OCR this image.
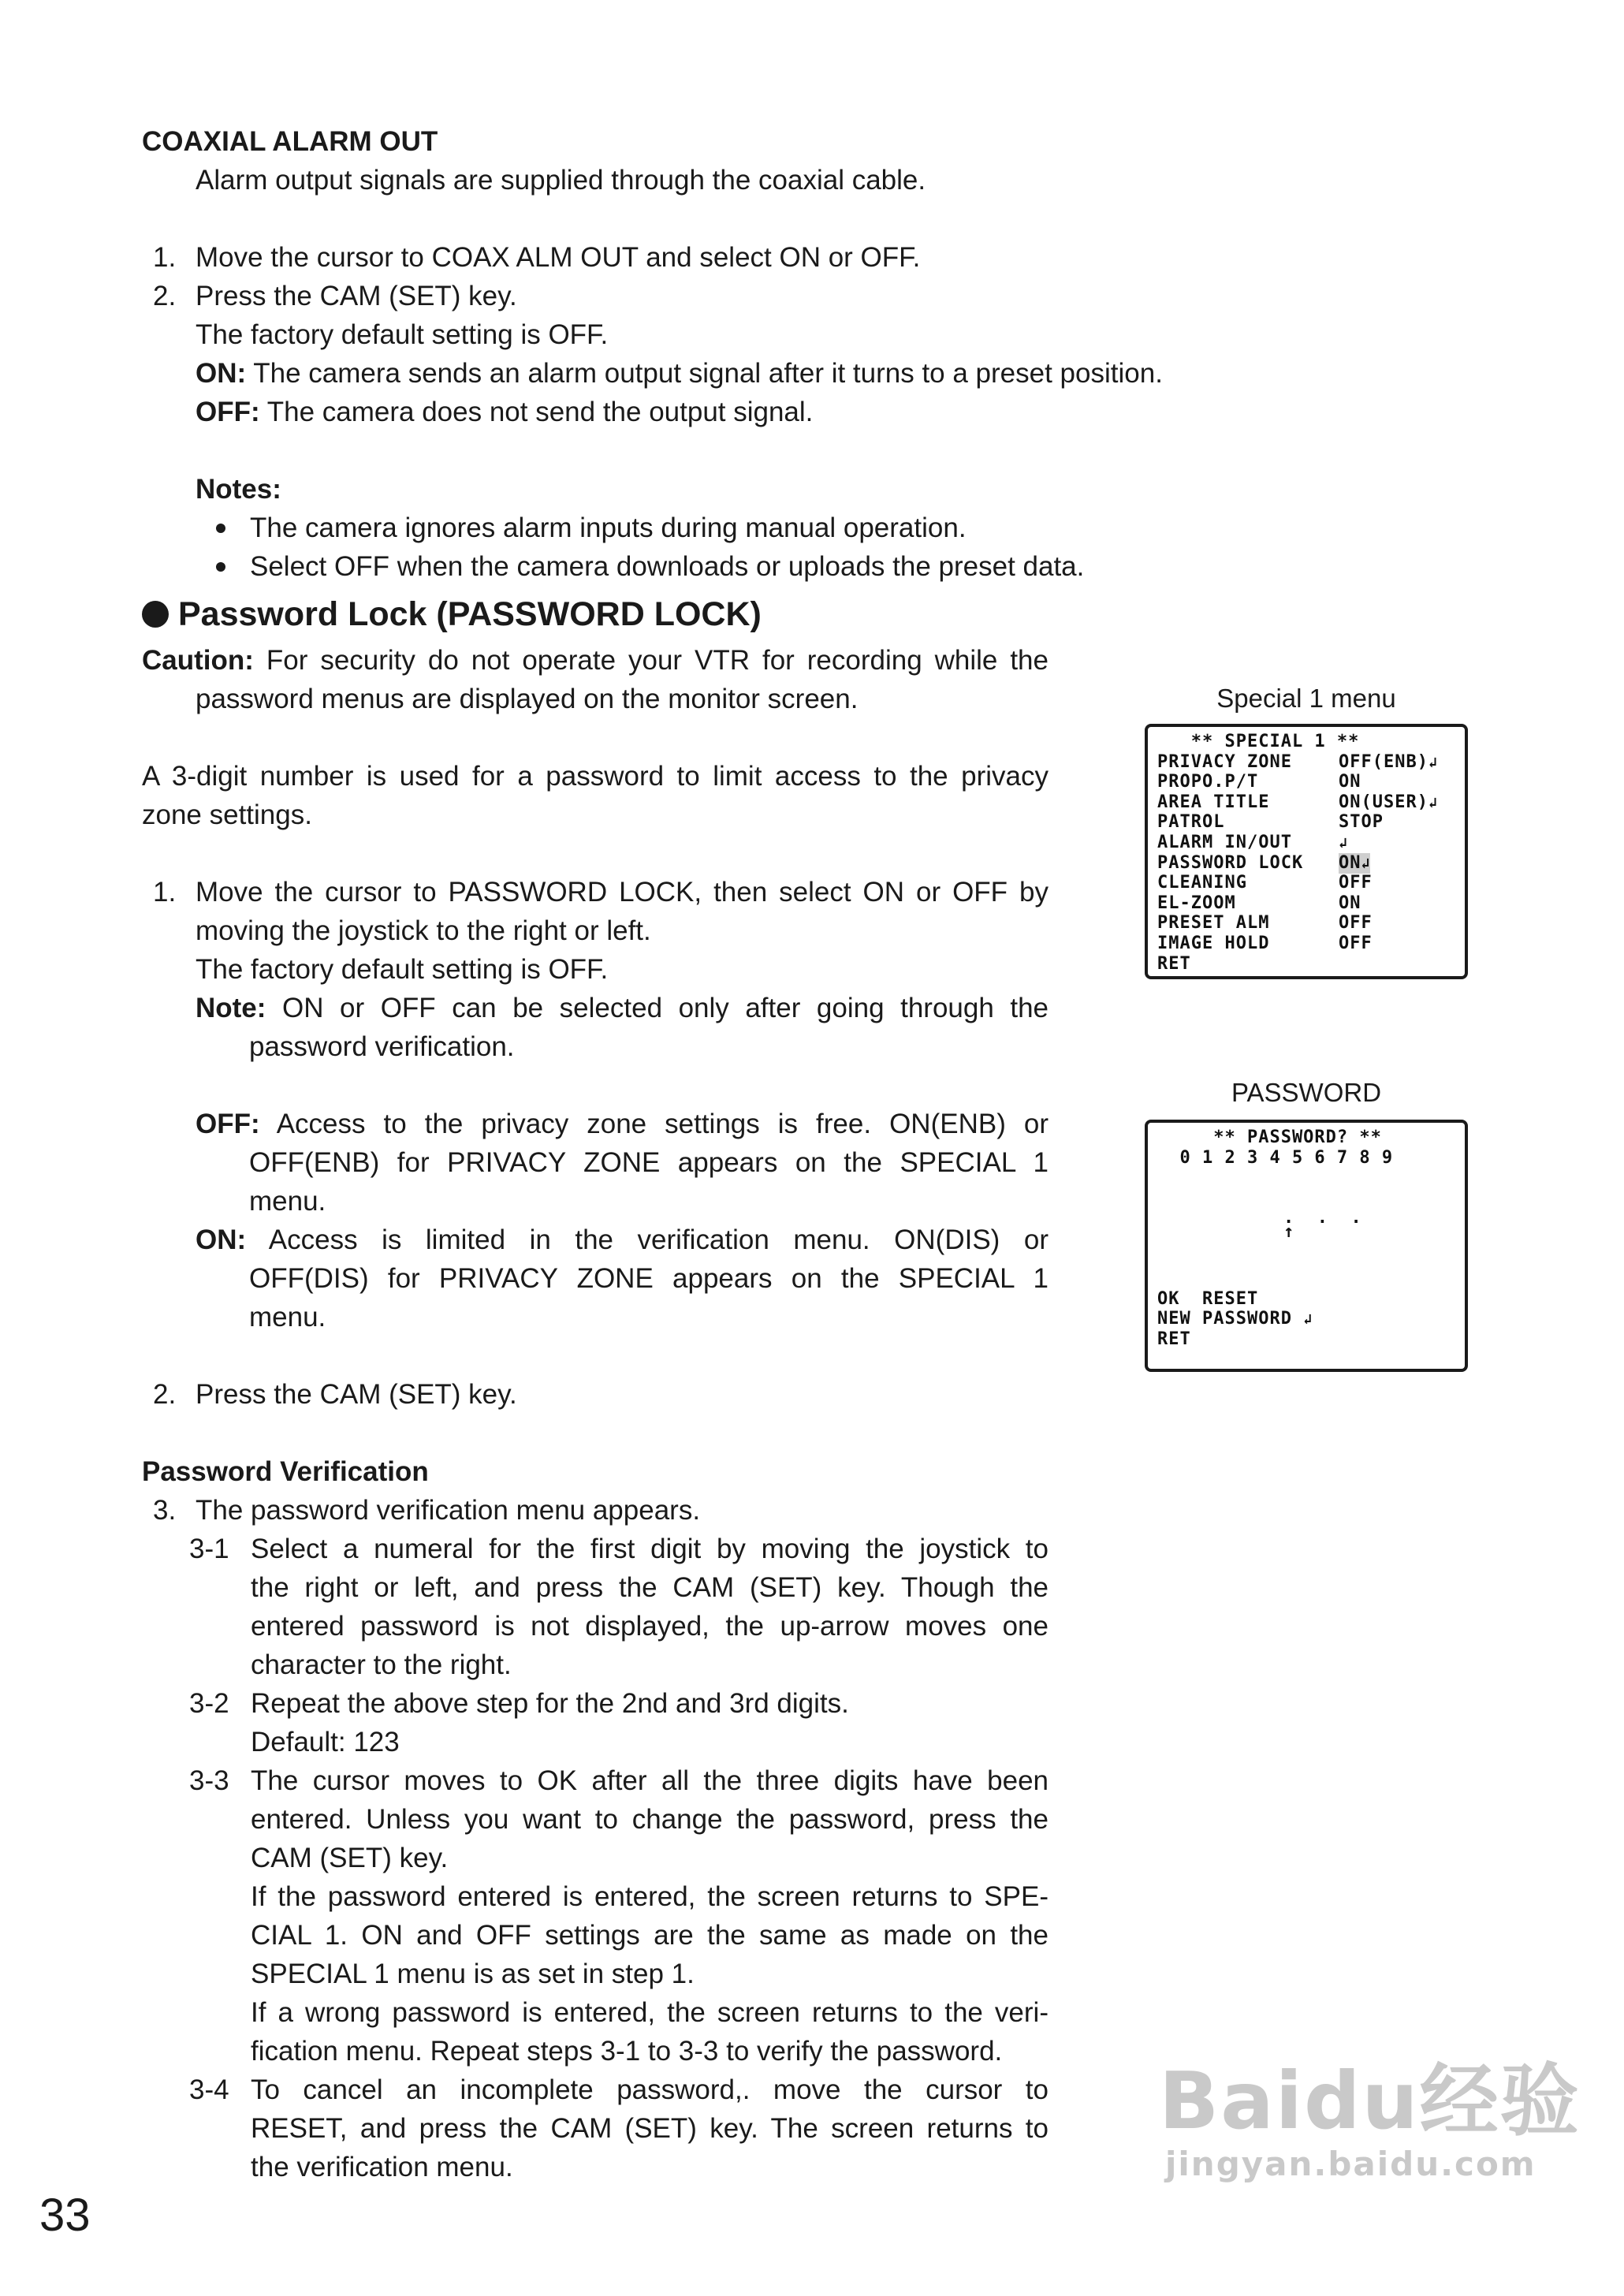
COAXIAL ALARM OUT
Alarm output signals are supplied through the coaxial cable.
1. Move the cursor to COAX ALM OUT and select ON or OFF.
2. Press the CAM (SET) key.
The factory default setting is OFF.
ON: The camera sends an alarm output signal after it turns to a preset position.
OFF: The camera does not send the output signal.
Notes:
The camera ignores alarm inputs during manual operation.
Select OFF when the camera downloads or uploads the preset data.
Password Lock (PASSWORD LOCK)
Caution: For security do not operate your VTR for recording while the
password menus are displayed on the monitor screen.
A 3-digit number is used for a password to limit access to the privacy
zone settings.
1. Move the cursor to PASSWORD LOCK, then select ON or OFF by
moving the joystick to the right or left.
The factory default setting is OFF.
Note: ON or OFF can be selected only after going through the
password verification.
OFF: Access to the privacy zone settings is free. ON(ENB) or
OFF(ENB) for PRIVACY ZONE appears on the SPECIAL 1
menu.
ON: Access is limited in the verification menu. ON(DIS) or
OFF(DIS) for PRIVACY ZONE appears on the SPECIAL 1
menu.
2. Press the CAM (SET) key.
Password Verification
3. The password verification menu appears.
3-1 Select a numeral for the first digit by moving the joystick to
the right or left, and press the CAM (SET) key. Though the
entered password is not displayed, the up-arrow moves one
character to the right.
3-2 Repeat the above step for the 2nd and 3rd digits.
Default: 123
3-3 The cursor moves to OK after all the three digits have been
entered. Unless you want to change the password, press the
CAM (SET) key.
If the password entered is entered, the screen returns to SPE-
CIAL 1. ON and OFF settings are the same as made on the
SPECIAL 1 menu is as set in step 1.
If a wrong password is entered, the screen returns to the veri-
fication menu. Repeat steps 3-1 to 3-3 to verify the password.
3-4 To cancel an incomplete password,. move the cursor to
RESET, and press the CAM (SET) key. The screen returns to
the verification menu.
Special 1 menu
** SPECIAL 1 **
PRIVACY ZONE	OFF(ENB)↲
PROPO.P/T	ON
AREA TITLE	ON(USER)↲
PATROL	STOP
ALARM IN/OUT	↲
PASSWORD LOCK ON↲
CLEANING	OFF
EL-ZOOM	ON
PRESET ALM	OFF
IMAGE HOLD	OFF
RET
PASSWORD
** PASSWORD? **
0 1 2 3 4 5 6 7 8 9
.  .  .
↑
OK  RESET
NEW PASSWORD ↲
RET
33
Baidu经验
jingyan.baidu.com
